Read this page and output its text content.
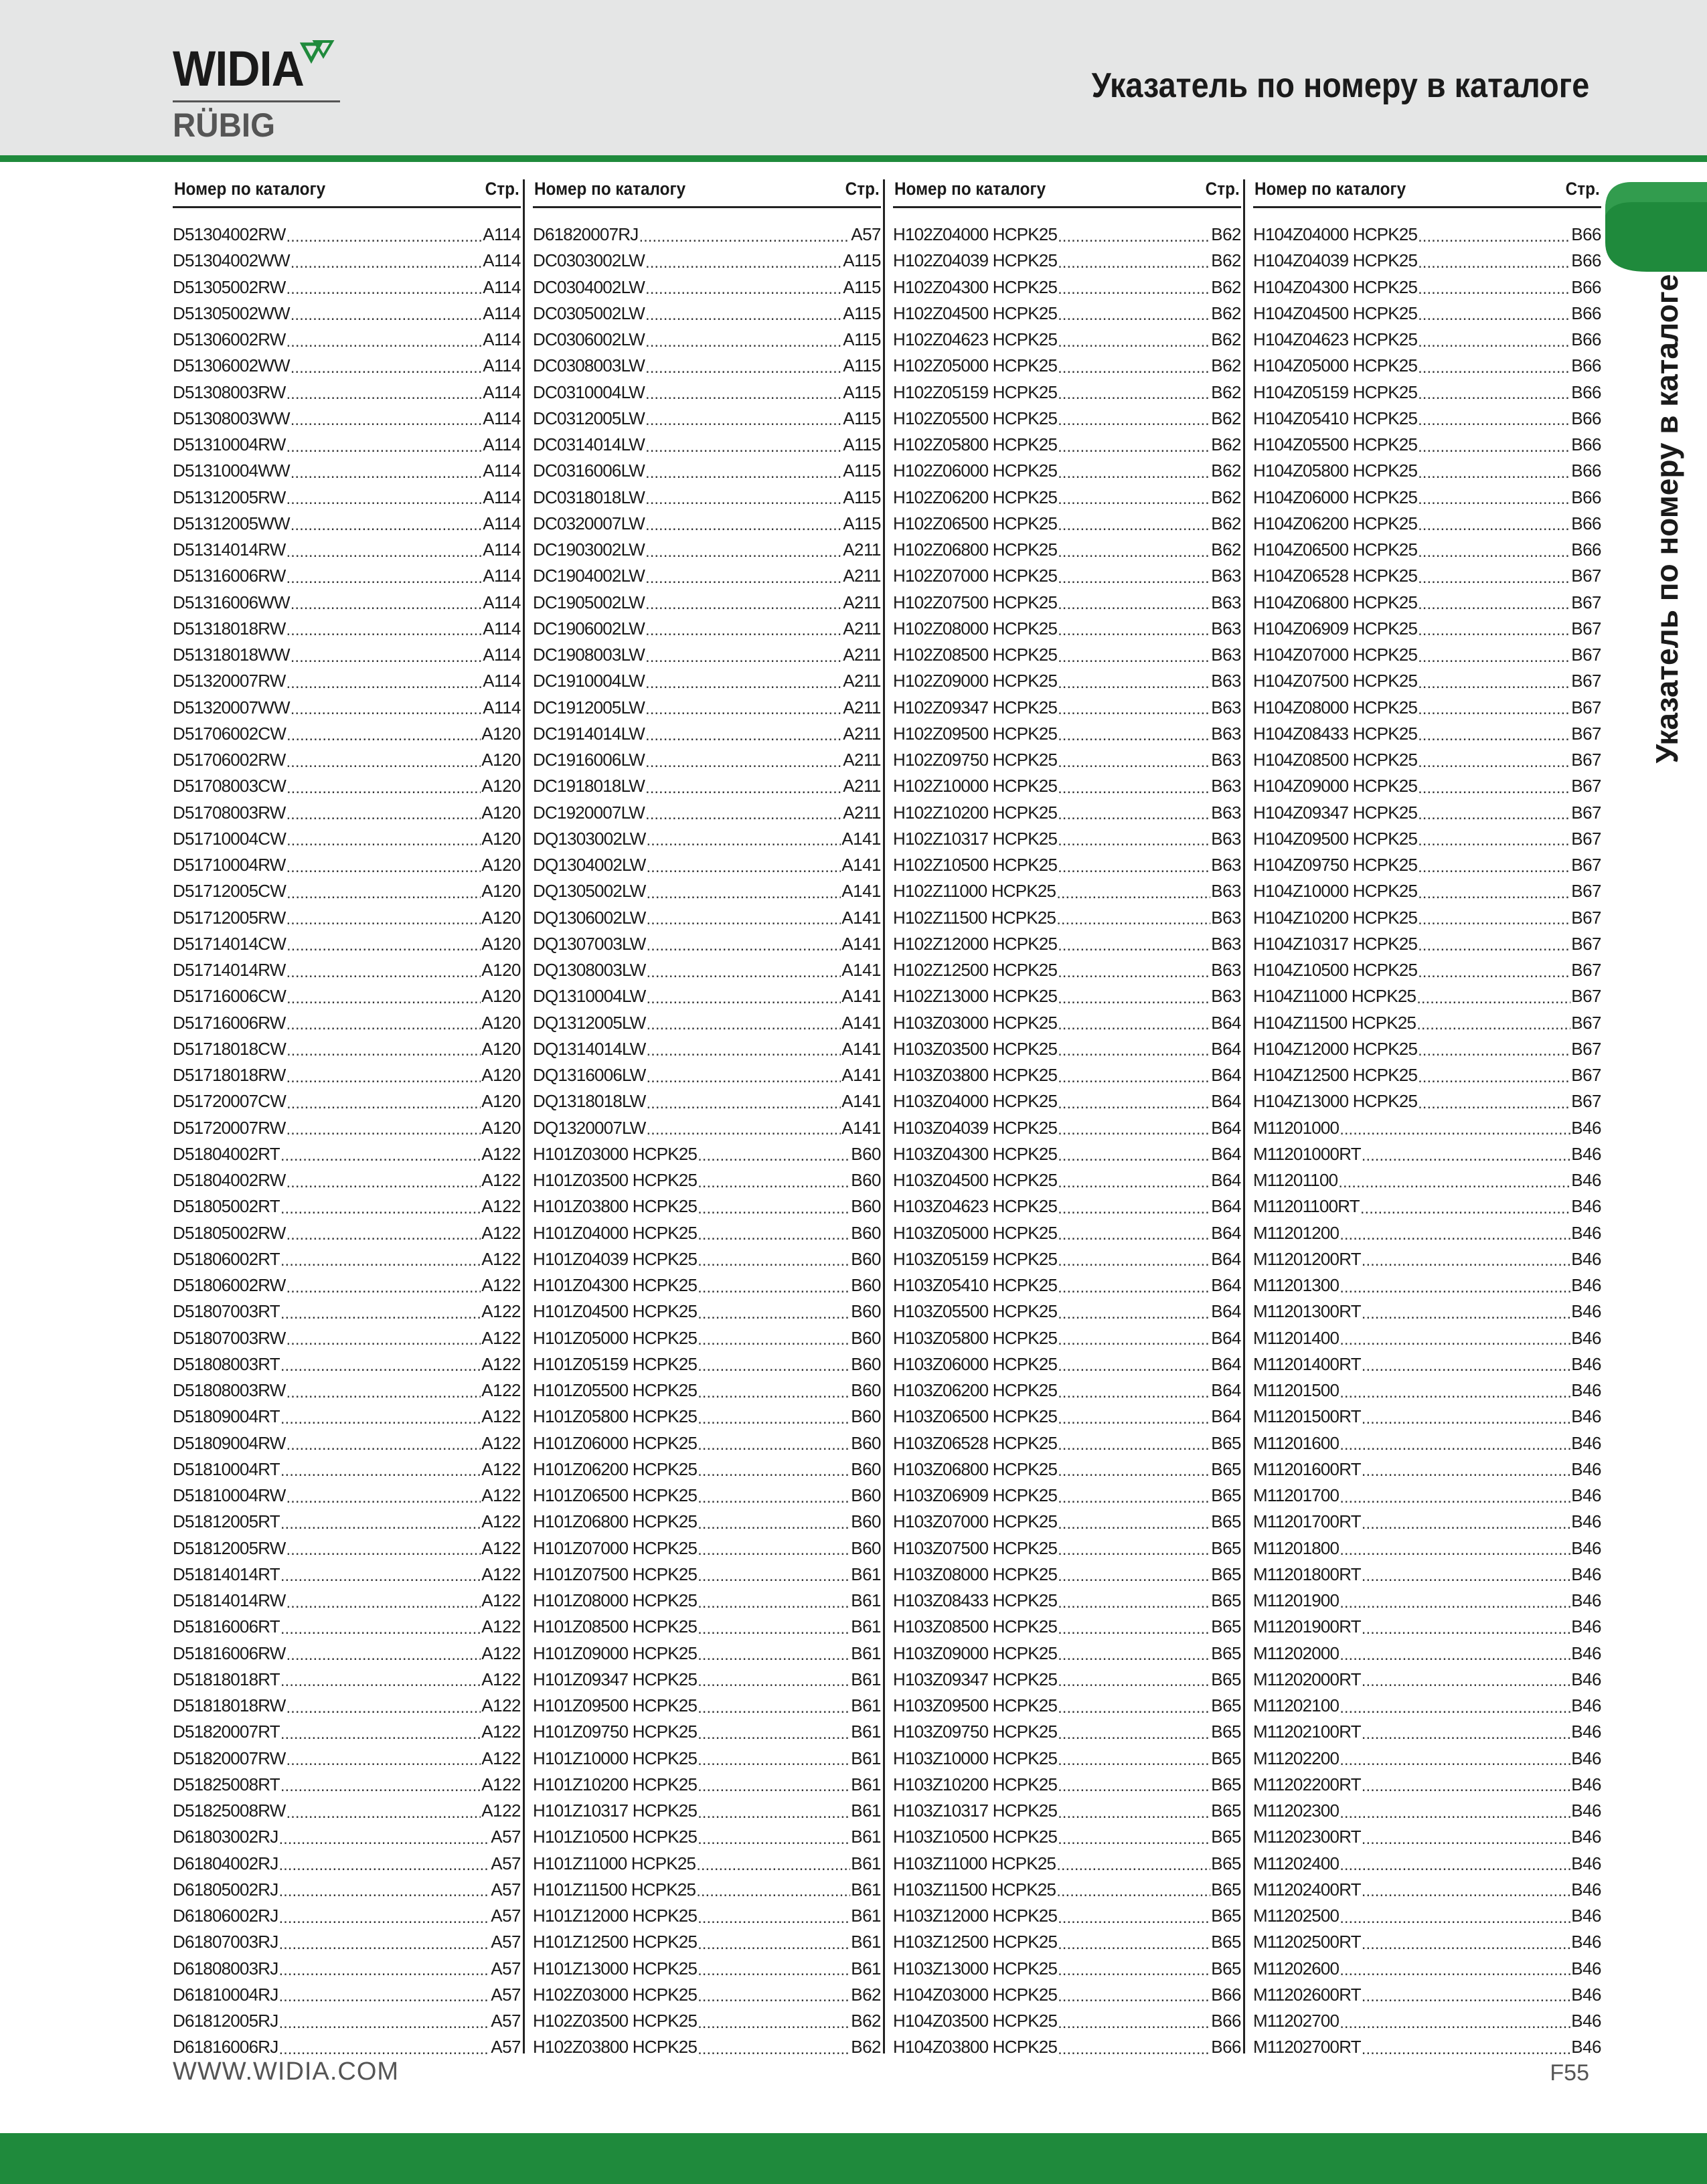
WIDIA
RÜBIG
Указатель по номеру в каталоге
Указатель по номеру в каталоге
Номер по каталогу	Стр.
D51304002RW .....	A114
D51304002WW .....	A114
D51305002RW .....	A114
D51305002WW .....	A114
D51306002RW .....	A114
D51306002WW .....	A114
D51308003RW .....	A114
D51308003WW .....	A114
D51310004RW .....	A114
D51310004WW .....	A114
D51312005RW .....	A114
D51312005WW .....	A114
D51314014RW .....	A114
D51316006RW .....	A114
D51316006WW .....	A114
D51318018RW .....	A114
D51318018WW .....	A114
D51320007RW .....	A114
D51320007WW .....	A114
D51706002CW .....	A120
D51706002RW .....	A120
D51708003CW .....	A120
D51708003RW .....	A120
D51710004CW .....	A120
D51710004RW .....	A120
D51712005CW .....	A120
D51712005RW .....	A120
D51714014CW .....	A120
D51714014RW .....	A120
D51716006CW .....	A120
D51716006RW .....	A120
D51718018CW .....	A120
D51718018RW .....	A120
D51720007CW .....	A120
D51720007RW .....	A120
D51804002RT .....	A122
D51804002RW .....	A122
D51805002RT .....	A122
D51805002RW .....	A122
D51806002RT .....	A122
D51806002RW .....	A122
D51807003RT .....	A122
D51807003RW .....	A122
D51808003RT .....	A122
D51808003RW .....	A122
D51809004RT .....	A122
D51809004RW .....	A122
D51810004RT .....	A122
D51810004RW .....	A122
D51812005RT .....	A122
D51812005RW .....	A122
D51814014RT .....	A122
D51814014RW .....	A122
D51816006RT .....	A122
D51816006RW .....	A122
D51818018RT .....	A122
D51818018RW .....	A122
D51820007RT .....	A122
D51820007RW .....	A122
D51825008RT .....	A122
D51825008RW .....	A122
D61803002RJ .....	A57
D61804002RJ .....	A57
D61805002RJ .....	A57
D61806002RJ .....	A57
D61807003RJ .....	A57
D61808003RJ .....	A57
D61810004RJ .....	A57
D61812005RJ .....	A57
D61816006RJ .....	A57
Номер по каталогу	Стр.
D61820007RJ .....	A57
DC0303002LW .....	A115
DC0304002LW .....	A115
DC0305002LW .....	A115
DC0306002LW .....	A115
DC0308003LW .....	A115
DC0310004LW .....	A115
DC0312005LW .....	A115
DC0314014LW .....	A115
DC0316006LW .....	A115
DC0318018LW .....	A115
DC0320007LW .....	A115
DC1903002LW .....	A211
DC1904002LW .....	A211
DC1905002LW .....	A211
DC1906002LW .....	A211
DC1908003LW .....	A211
DC1910004LW .....	A211
DC1912005LW .....	A211
DC1914014LW .....	A211
DC1916006LW .....	A211
DC1918018LW .....	A211
DC1920007LW .....	A211
DQ1303002LW .....	A141
DQ1304002LW .....	A141
DQ1305002LW .....	A141
DQ1306002LW .....	A141
DQ1307003LW .....	A141
DQ1308003LW .....	A141
DQ1310004LW .....	A141
DQ1312005LW .....	A141
DQ1314014LW .....	A141
DQ1316006LW .....	A141
DQ1318018LW .....	A141
DQ1320007LW .....	A141
H101Z03000 HCPK25 .....	B60
H101Z03500 HCPK25 .....	B60
H101Z03800 HCPK25 .....	B60
H101Z04000 HCPK25 .....	B60
H101Z04039 HCPK25 .....	B60
H101Z04300 HCPK25 .....	B60
H101Z04500 HCPK25 .....	B60
H101Z05000 HCPK25 .....	B60
H101Z05159 HCPK25 .....	B60
H101Z05500 HCPK25 .....	B60
H101Z05800 HCPK25 .....	B60
H101Z06000 HCPK25 .....	B60
H101Z06200 HCPK25 .....	B60
H101Z06500 HCPK25 .....	B60
H101Z06800 HCPK25 .....	B60
H101Z07000 HCPK25 .....	B60
H101Z07500 HCPK25 .....	B61
H101Z08000 HCPK25 .....	B61
H101Z08500 HCPK25 .....	B61
H101Z09000 HCPK25 .....	B61
H101Z09347 HCPK25 .....	B61
H101Z09500 HCPK25 .....	B61
H101Z09750 HCPK25 .....	B61
H101Z10000 HCPK25 .....	B61
H101Z10200 HCPK25 .....	B61
H101Z10317 HCPK25 .....	B61
H101Z10500 HCPK25 .....	B61
H101Z11000 HCPK25 .....	B61
H101Z11500 HCPK25 .....	B61
H101Z12000 HCPK25 .....	B61
H101Z12500 HCPK25 .....	B61
H101Z13000 HCPK25 .....	B61
H102Z03000 HCPK25 .....	B62
H102Z03500 HCPK25 .....	B62
H102Z03800 HCPK25 .....	B62
Номер по каталогу	Стр.
H102Z04000 HCPK25 .....	B62
H102Z04039 HCPK25 .....	B62
H102Z04300 HCPK25 .....	B62
H102Z04500 HCPK25 .....	B62
H102Z04623 HCPK25 .....	B62
H102Z05000 HCPK25 .....	B62
H102Z05159 HCPK25 .....	B62
H102Z05500 HCPK25 .....	B62
H102Z05800 HCPK25 .....	B62
H102Z06000 HCPK25 .....	B62
H102Z06200 HCPK25 .....	B62
H102Z06500 HCPK25 .....	B62
H102Z06800 HCPK25 .....	B62
H102Z07000 HCPK25 .....	B63
H102Z07500 HCPK25 .....	B63
H102Z08000 HCPK25 .....	B63
H102Z08500 HCPK25 .....	B63
H102Z09000 HCPK25 .....	B63
H102Z09347 HCPK25 .....	B63
H102Z09500 HCPK25 .....	B63
H102Z09750 HCPK25 .....	B63
H102Z10000 HCPK25 .....	B63
H102Z10200 HCPK25 .....	B63
H102Z10317 HCPK25 .....	B63
H102Z10500 HCPK25 .....	B63
H102Z11000 HCPK25 .....	B63
H102Z11500 HCPK25 .....	B63
H102Z12000 HCPK25 .....	B63
H102Z12500 HCPK25 .....	B63
H102Z13000 HCPK25 .....	B63
H103Z03000 HCPK25 .....	B64
H103Z03500 HCPK25 .....	B64
H103Z03800 HCPK25 .....	B64
H103Z04000 HCPK25 .....	B64
H103Z04039 HCPK25 .....	B64
H103Z04300 HCPK25 .....	B64
H103Z04500 HCPK25 .....	B64
H103Z04623 HCPK25 .....	B64
H103Z05000 HCPK25 .....	B64
H103Z05159 HCPK25 .....	B64
H103Z05410 HCPK25 .....	B64
H103Z05500 HCPK25 .....	B64
H103Z05800 HCPK25 .....	B64
H103Z06000 HCPK25 .....	B64
H103Z06200 HCPK25 .....	B64
H103Z06500 HCPK25 .....	B64
H103Z06528 HCPK25 .....	B65
H103Z06800 HCPK25 .....	B65
H103Z06909 HCPK25 .....	B65
H103Z07000 HCPK25 .....	B65
H103Z07500 HCPK25 .....	B65
H103Z08000 HCPK25 .....	B65
H103Z08433 HCPK25 .....	B65
H103Z08500 HCPK25 .....	B65
H103Z09000 HCPK25 .....	B65
H103Z09347 HCPK25 .....	B65
H103Z09500 HCPK25 .....	B65
H103Z09750 HCPK25 .....	B65
H103Z10000 HCPK25 .....	B65
H103Z10200 HCPK25 .....	B65
H103Z10317 HCPK25 .....	B65
H103Z10500 HCPK25 .....	B65
H103Z11000 HCPK25 .....	B65
H103Z11500 HCPK25 .....	B65
H103Z12000 HCPK25 .....	B65
H103Z12500 HCPK25 .....	B65
H103Z13000 HCPK25 .....	B65
H104Z03000 HCPK25 .....	B66
H104Z03500 HCPK25 .....	B66
H104Z03800 HCPK25 .....	B66
Номер по каталогу	Стр.
H104Z04000 HCPK25 .....	B66
H104Z04039 HCPK25 .....	B66
H104Z04300 HCPK25 .....	B66
H104Z04500 HCPK25 .....	B66
H104Z04623 HCPK25 .....	B66
H104Z05000 HCPK25 .....	B66
H104Z05159 HCPK25 .....	B66
H104Z05410 HCPK25 .....	B66
H104Z05500 HCPK25 .....	B66
H104Z05800 HCPK25 .....	B66
H104Z06000 HCPK25 .....	B66
H104Z06200 HCPK25 .....	B66
H104Z06500 HCPK25 .....	B66
H104Z06528 HCPK25 .....	B67
H104Z06800 HCPK25 .....	B67
H104Z06909 HCPK25 .....	B67
H104Z07000 HCPK25 .....	B67
H104Z07500 HCPK25 .....	B67
H104Z08000 HCPK25 .....	B67
H104Z08433 HCPK25 .....	B67
H104Z08500 HCPK25 .....	B67
H104Z09000 HCPK25 .....	B67
H104Z09347 HCPK25 .....	B67
H104Z09500 HCPK25 .....	B67
H104Z09750 HCPK25 .....	B67
H104Z10000 HCPK25 .....	B67
H104Z10200 HCPK25 .....	B67
H104Z10317 HCPK25 .....	B67
H104Z10500 HCPK25 .....	B67
H104Z11000 HCPK25 .....	B67
H104Z11500 HCPK25 .....	B67
H104Z12000 HCPK25 .....	B67
H104Z12500 HCPK25 .....	B67
H104Z13000 HCPK25 .....	B67
M11201000 .....	B46
M11201000RT .....	B46
M11201100 .....	B46
M11201100RT .....	B46
M11201200 .....	B46
M11201200RT .....	B46
M11201300 .....	B46
M11201300RT .....	B46
M11201400 .....	B46
M11201400RT .....	B46
M11201500 .....	B46
M11201500RT .....	B46
M11201600 .....	B46
M11201600RT .....	B46
M11201700 .....	B46
M11201700RT .....	B46
M11201800 .....	B46
M11201800RT .....	B46
M11201900 .....	B46
M11201900RT .....	B46
M11202000 .....	B46
M11202000RT .....	B46
M11202100 .....	B46
M11202100RT .....	B46
M11202200 .....	B46
M11202200RT .....	B46
M11202300 .....	B46
M11202300RT .....	B46
M11202400 .....	B46
M11202400RT .....	B46
M11202500 .....	B46
M11202500RT .....	B46
M11202600 .....	B46
M11202600RT .....	B46
M11202700 .....	B46
M11202700RT .....	B46
WWW.WIDIA.COM	F55
